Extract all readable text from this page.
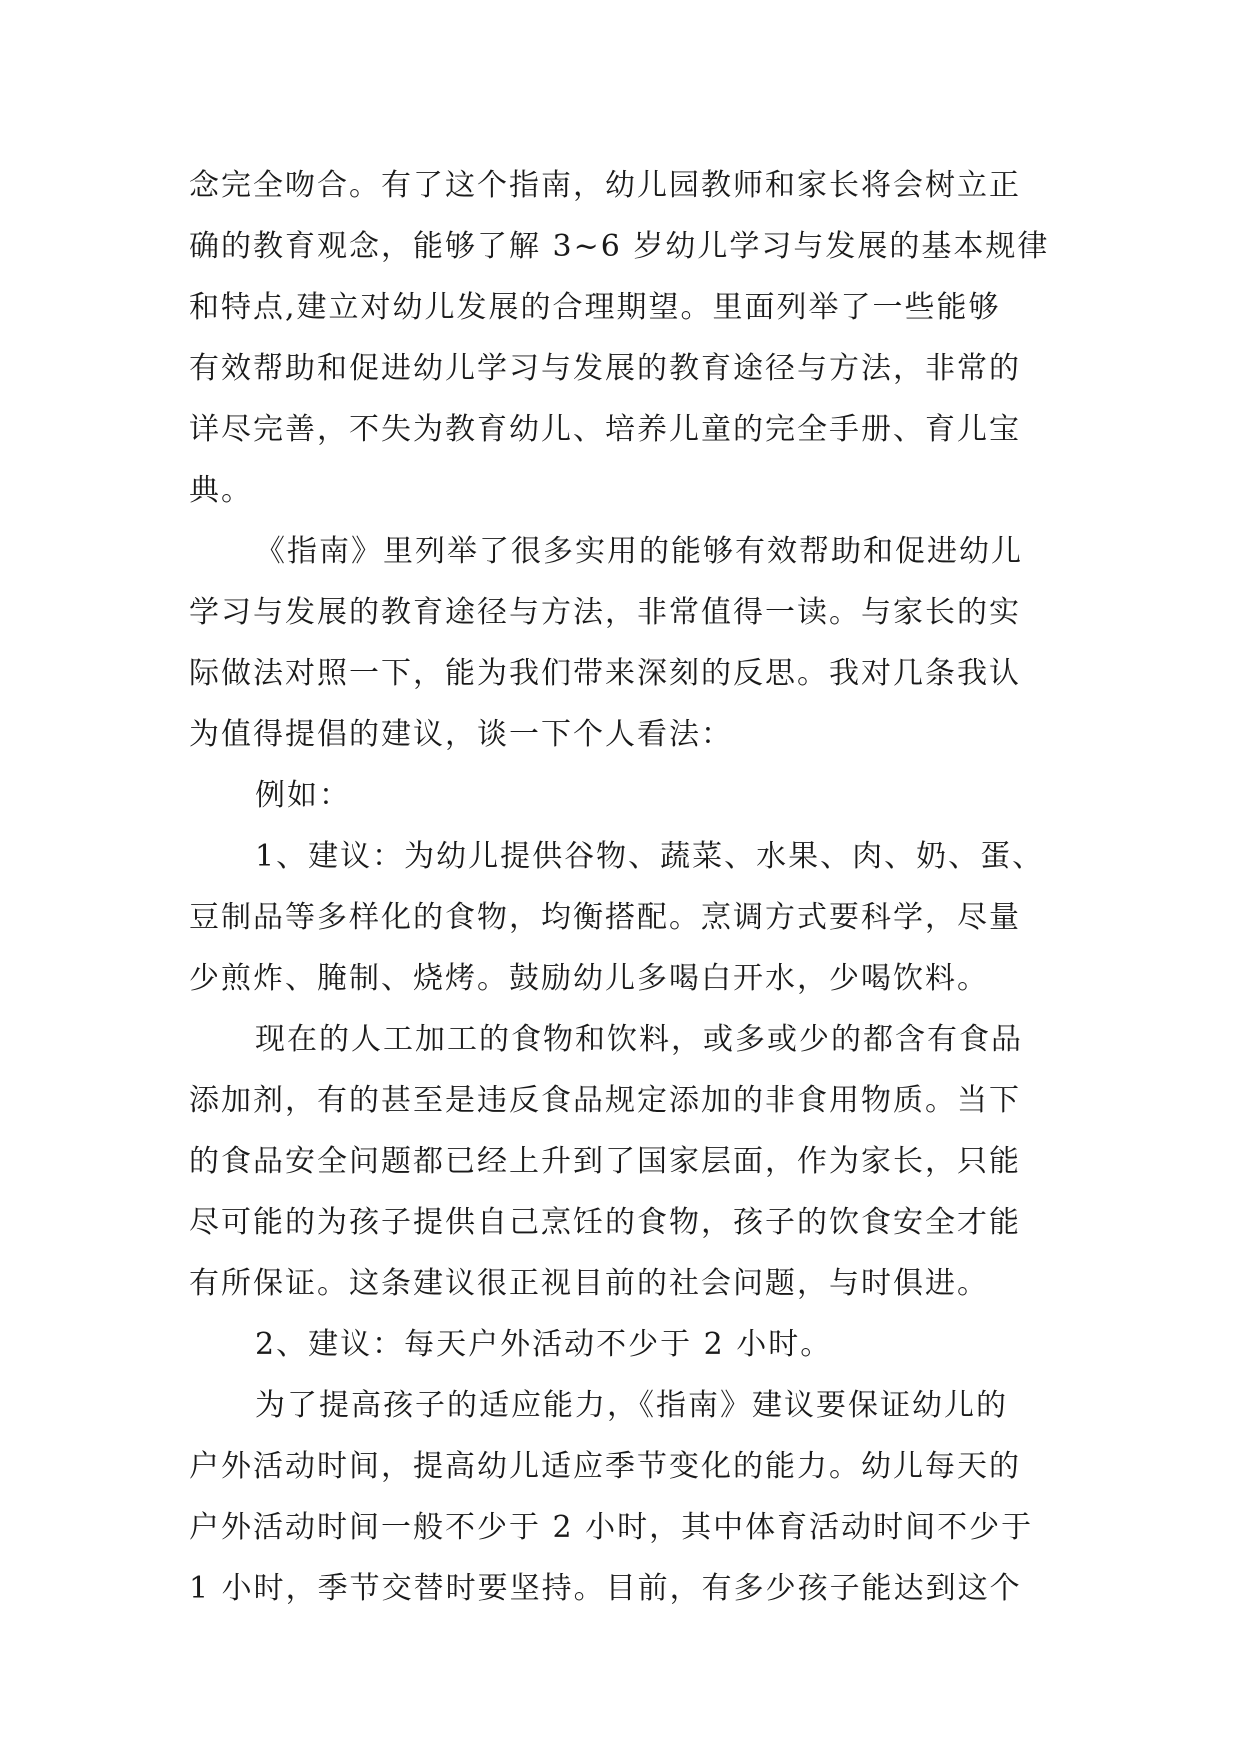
念完全吻合。有了这个指南，幼儿园教师和家长将会树立正
确的教育观念，能够了解 3~6 岁幼儿学习与发展的基本规律
和特点,建立对幼儿发展的合理期望。里面列举了一些能够
有效帮助和促进幼儿学习与发展的教育途径与方法，非常的
详尽完善，不失为教育幼儿、培养儿童的完全手册、育儿宝
典。
《指南》里列举了很多实用的能够有效帮助和促进幼儿
学习与发展的教育途径与方法，非常值得一读。与家长的实
际做法对照一下，能为我们带来深刻的反思。我对几条我认
为值得提倡的建议，谈一下个人看法：
例如：
1、建议：为幼儿提供谷物、蔬菜、水果、肉、奶、蛋、
豆制品等多样化的食物，均衡搭配。烹调方式要科学，尽量
少煎炸、腌制、烧烤。鼓励幼儿多喝白开水，少喝饮料。
现在的人工加工的食物和饮料，或多或少的都含有食品
添加剂，有的甚至是违反食品规定添加的非食用物质。当下
的食品安全问题都已经上升到了国家层面，作为家长，只能
尽可能的为孩子提供自己烹饪的食物，孩子的饮食安全才能
有所保证。这条建议很正视目前的社会问题，与时俱进。
2、建议：每天户外活动不少于 2 小时。
为了提高孩子的适应能力，《指南》建议要保证幼儿的
户外活动时间，提高幼儿适应季节变化的能力。幼儿每天的
户外活动时间一般不少于 2 小时，其中体育活动时间不少于
1 小时，季节交替时要坚持。目前，有多少孩子能达到这个
